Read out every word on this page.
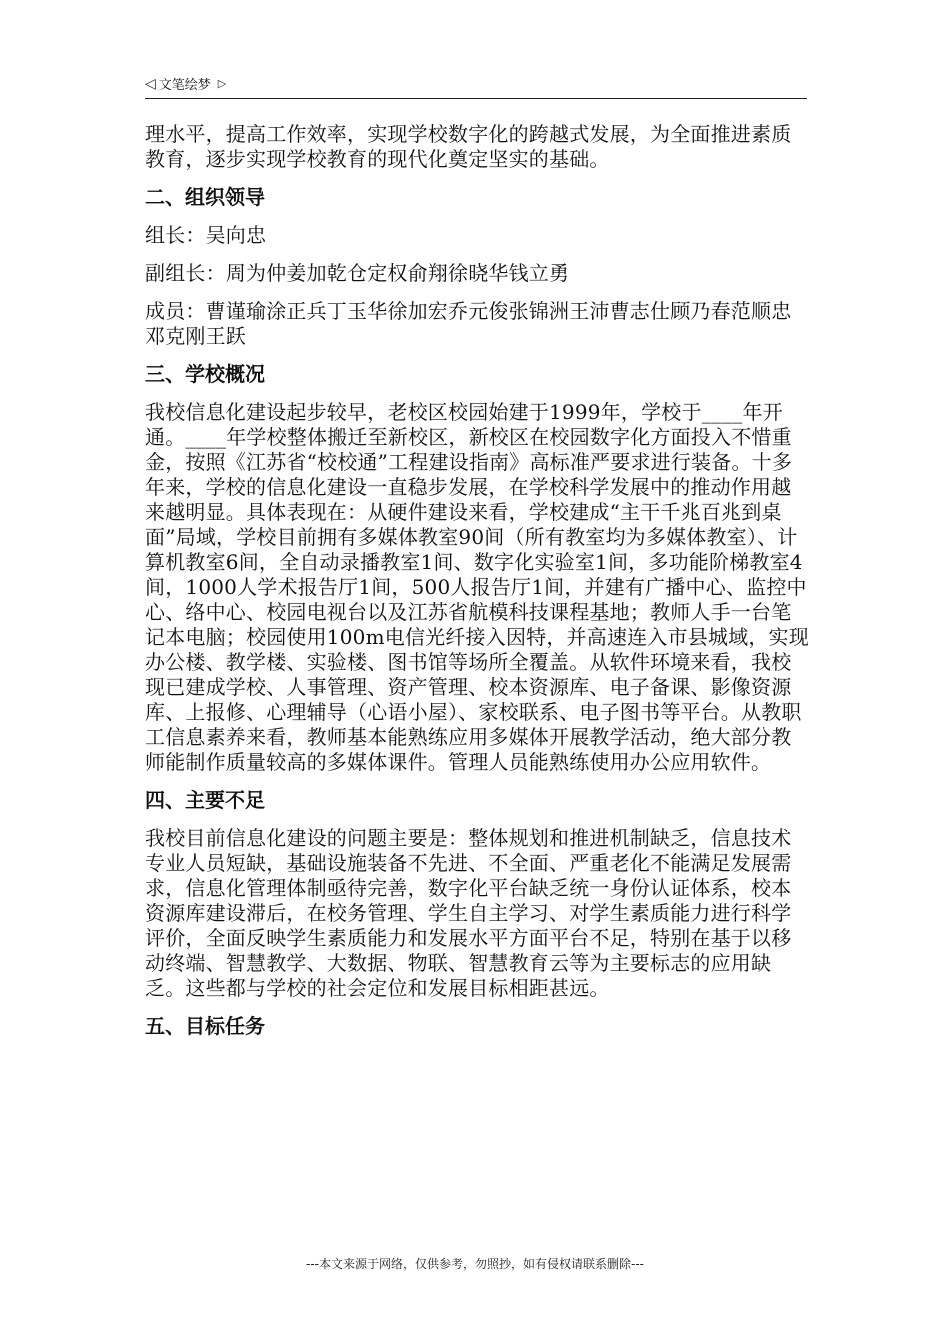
◁ 文笔绘梦 ▷
理水平，提高工作效率，实现学校数字化的跨越式发展，为全面推进素质教育，逐步实现学校教育的现代化奠定坚实的基础。
二、组织领导
组长：吴向忠
副组长：周为仲姜加乾仓定权俞翔徐晓华钱立勇
成员：曹谨瑜涂正兵丁玉华徐加宏乔元俊张锦洲王沛曹志仕顾乃春范顺忠邓克刚王跃
三、学校概况
我校信息化建设起步较早，老校区校园始建于1999年，学校于____年开通。____年学校整体搬迁至新校区，新校区在校园数字化方面投入不惜重金，按照《江苏省“校校通”工程建设指南》高标准严要求进行装备。十多年来，学校的信息化建设一直稳步发展，在学校科学发展中的推动作用越来越明显。具体表现在：从硬件建设来看，学校建成“主干千兆百兆到桌面”局域，学校目前拥有多媒体教室90间（所有教室均为多媒体教室）、计算机教室6间，全自动录播教室1间、数字化实验室1间，多功能阶梯教室4间，1000人学术报告厅1间，500人报告厅1间，并建有广播中心、监控中心、络中心、校园电视台以及江苏省航模科技课程基地；教师人手一台笔记本电脑；校园使用100m电信光纤接入因特，并高速连入市县城域，实现办公楼、教学楼、实验楼、图书馆等场所全覆盖。从软件环境来看，我校现已建成学校、人事管理、资产管理、校本资源库、电子备课、影像资源库、上报修、心理辅导（心语小屋）、家校联系、电子图书等平台。从教职工信息素养来看，教师基本能熟练应用多媒体开展教学活动，绝大部分教师能制作质量较高的多媒体课件。管理人员能熟练使用办公应用软件。
四、主要不足
我校目前信息化建设的问题主要是：整体规划和推进机制缺乏，信息技术专业人员短缺，基础设施装备不先进、不全面、严重老化不能满足发展需求，信息化管理体制亟待完善，数字化平台缺乏统一身份认证体系，校本资源库建设滞后，在校务管理、学生自主学习、对学生素质能力进行科学评价，全面反映学生素质能力和发展水平方面平台不足，特别在基于以移动终端、智慧教学、大数据、物联、智慧教育云等为主要标志的应用缺乏。这些都与学校的社会定位和发展目标相距甚远。
五、目标任务
---本文来源于网络，仅供参考，勿照抄，如有侵权请联系删除---
